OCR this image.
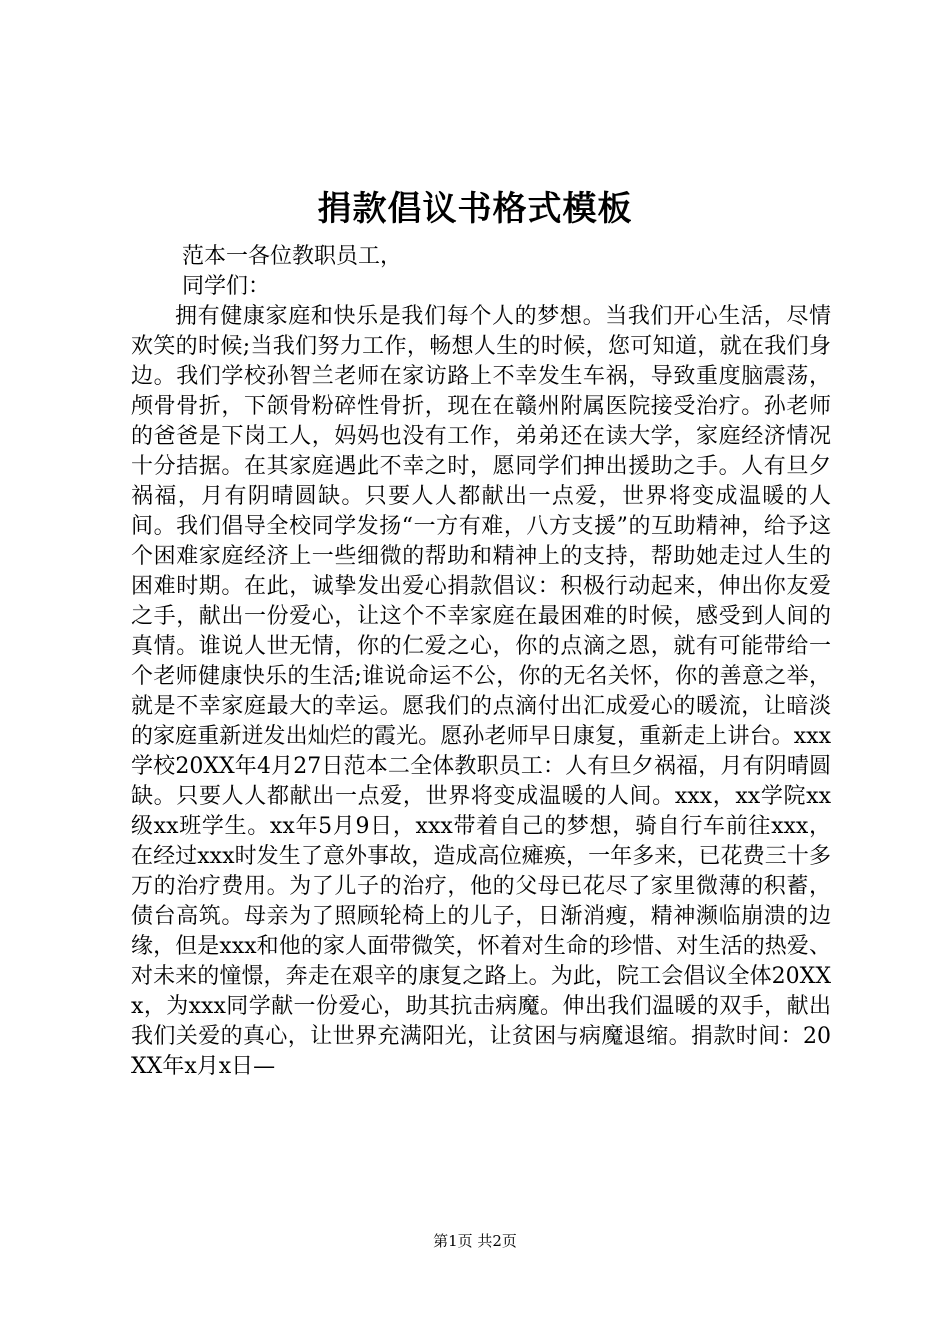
捐款倡议书格式模板
范本一各位教职员工，
同学们：

拥有健康家庭和快乐是我们每个人的梦想。当我们开心生活，尽情欢笑的时候;当我们努力工作，畅想人生的时候，您可知道，就在我们身边。我们学校孙智兰老师在家访路上不幸发生车祸，导致重度脑震荡，颅骨骨折，下颌骨粉碎性骨折，现在在赣州附属医院接受治疗。孙老师的爸爸是下岗工人，妈妈也没有工作，弟弟还在读大学，家庭经济情况十分拮据。在其家庭遇此不幸之时，愿同学们抻出援助之手。人有旦夕祸福，月有阴晴圆缺。只要人人都献出一点爱，世界将变成温暖的人间。我们倡导全校同学发扬“一方有难，八方支援”的互助精神，给予这个困难家庭经济上一些细微的帮助和精神上的支持，帮助她走过人生的困难时期。在此，诚挚发出爱心捐款倡议：积极行动起来，伸出你友爱之手，献出一份爱心，让这个不幸家庭在最困难的时候，感受到人间的真情。谁说人世无情，你的仁爱之心，你的点滴之恩，就有可能带给一个老师健康快乐的生活;谁说命运不公，你的无名关怀，你的善意之举，就是不幸家庭最大的幸运。愿我们的点滴付出汇成爱心的暖流，让暗淡的家庭重新迸发出灿烂的霞光。愿孙老师早日康复，重新走上讲台。xxx学校20XX年4月27日范本二全体教职员工：人有旦夕祸福，月有阴晴圆缺。只要人人都献出一点爱，世界将变成温暖的人间。xxx，xx学院xx级xx班学生。xx年5月9日，xxx带着自己的梦想，骑自行车前往xxx，在经过xxx时发生了意外事故，造成高位瘫痪，一年多来，已花费三十多万的治疗费用。为了儿子的治疗，他的父母已花尽了家里微薄的积蓄，债台高筑。母亲为了照顾轮椅上的儿子，日渐消瘦，精神濒临崩溃的边缘，但是xxx和他的家人面带微笑，怀着对生命的珍惜、对生活的热爱、对未来的憧憬，奔走在艰辛的康复之路上。为此，院工会倡议全体20XXx，为xxx同学献一份爱心，助其抗击病魔。伸出我们温暖的双手，献出我们关爱的真心，让世界充满阳光，让贫困与病魔退缩。捐款时间：20XX年x月x日—

第1页 共2页
